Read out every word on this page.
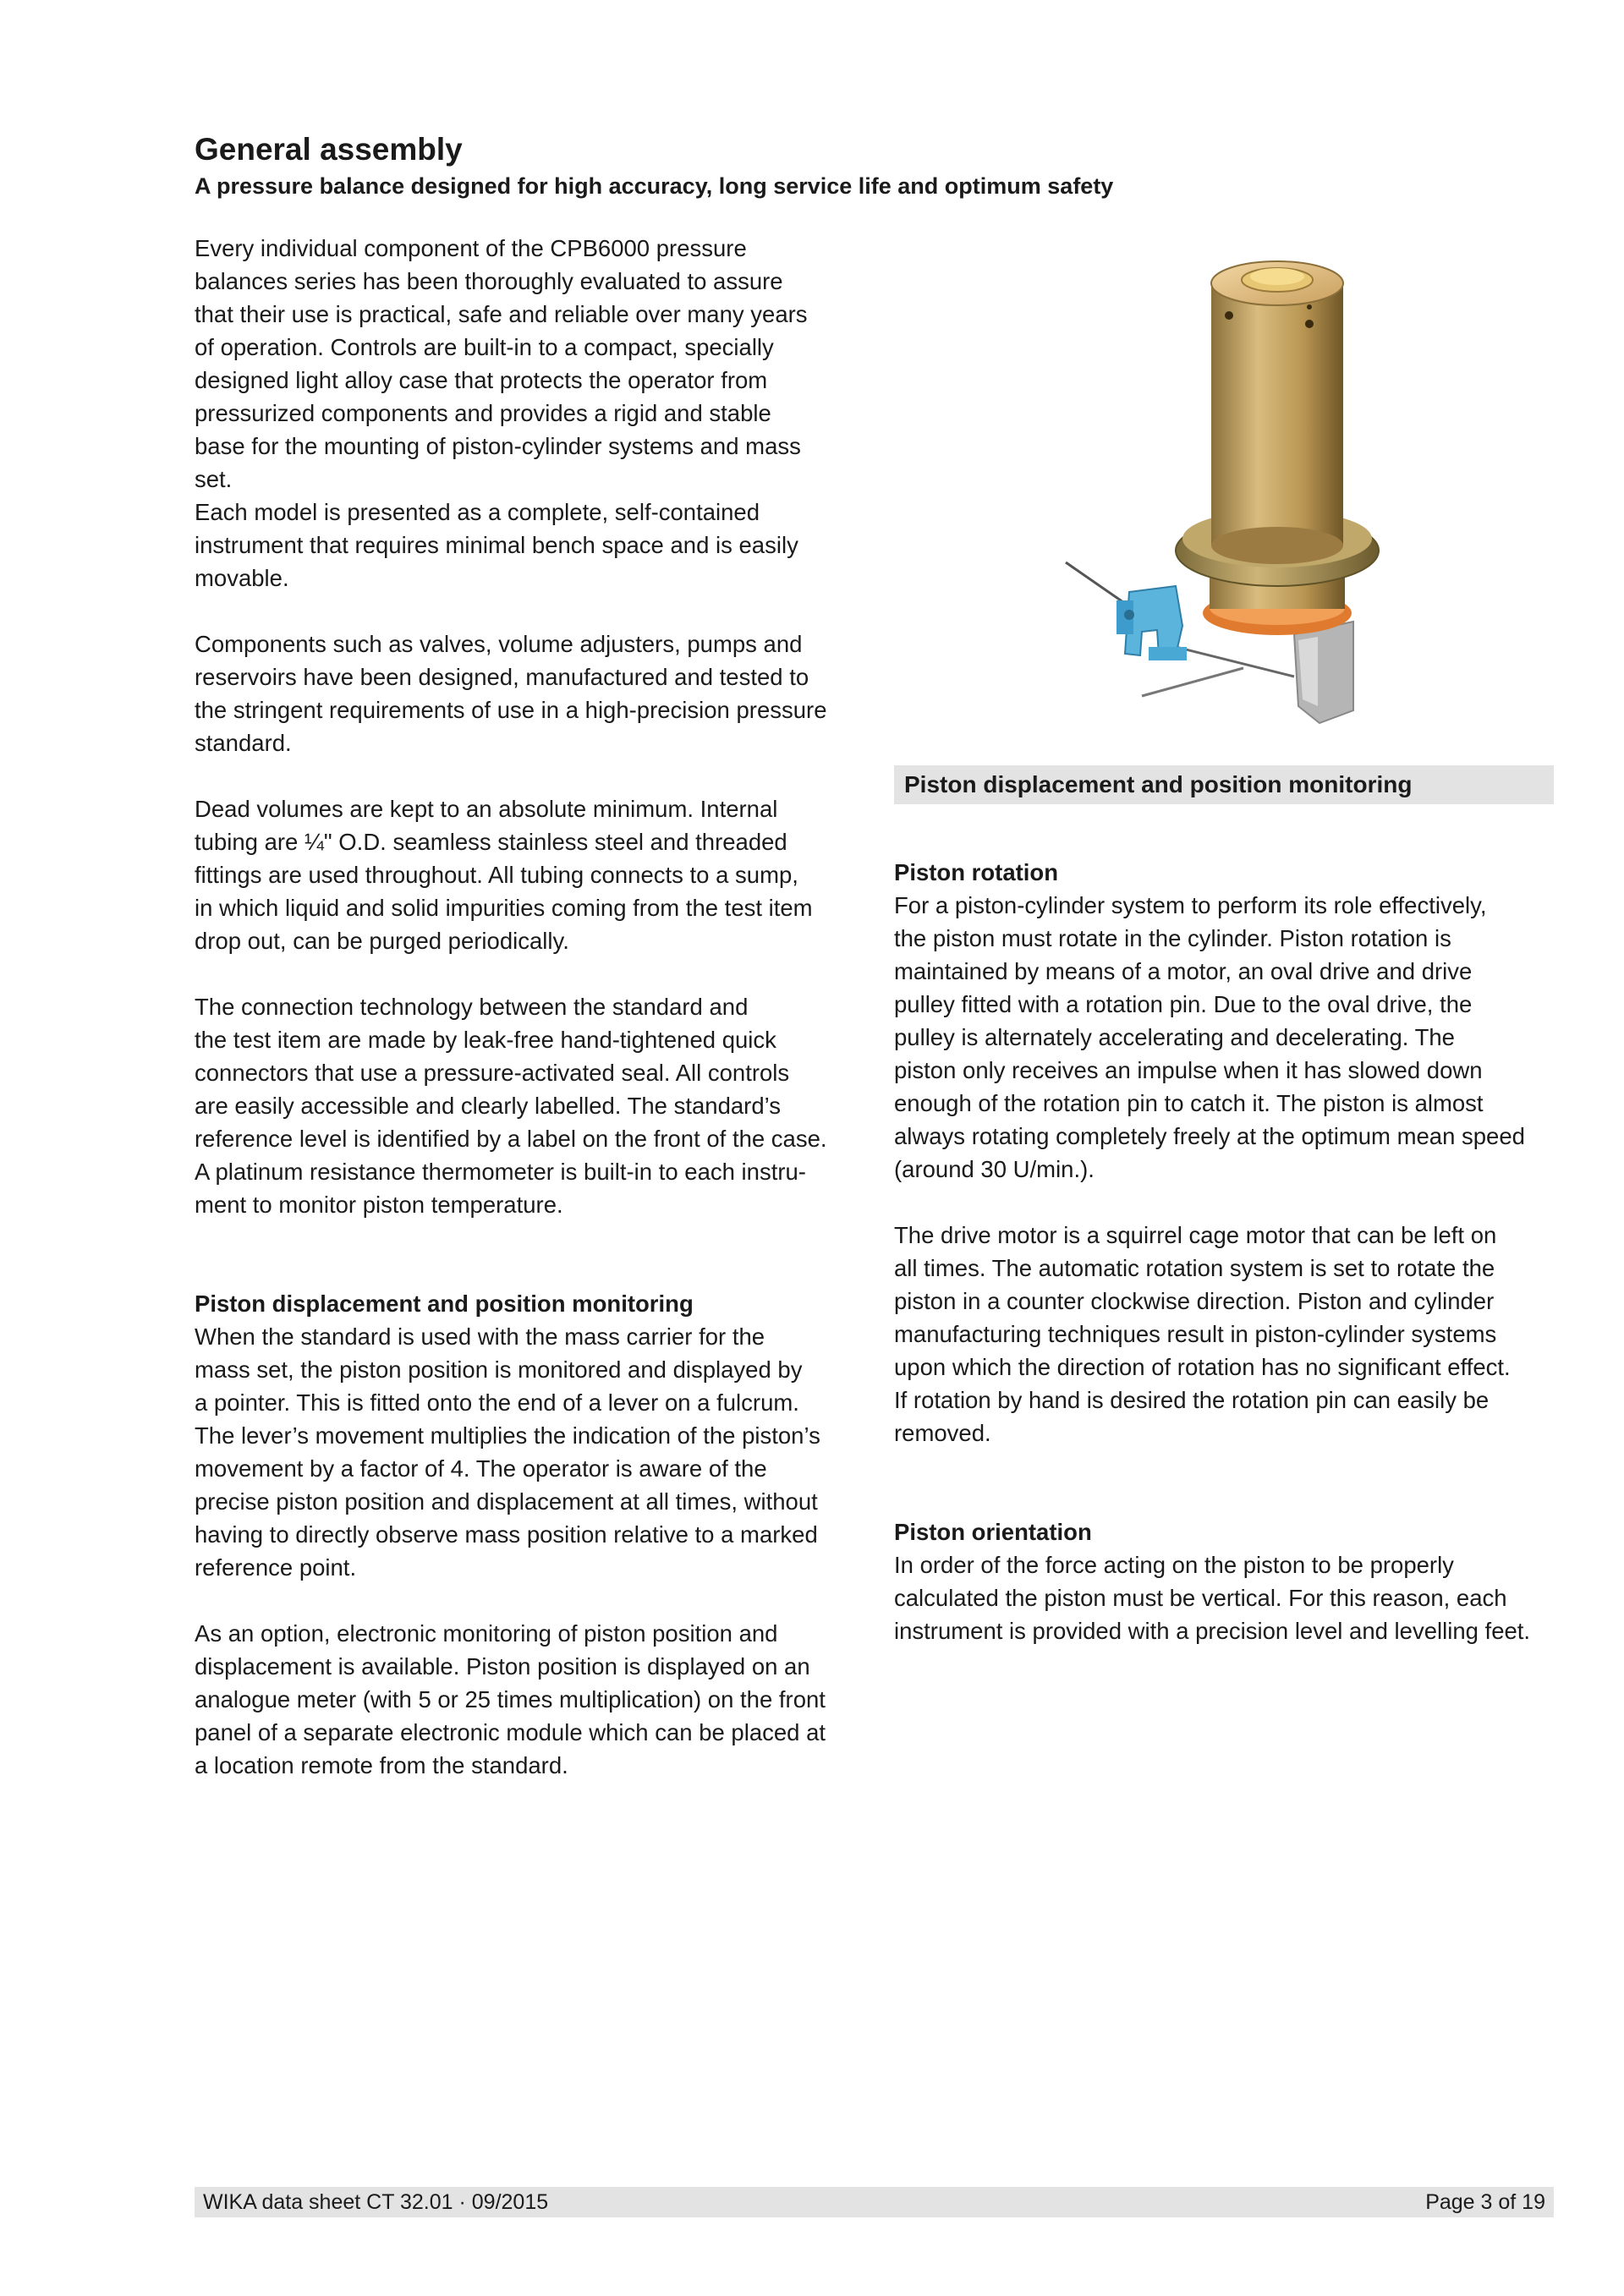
General assembly
A pressure balance designed for high accuracy, long service life and optimum safety

Every individual component of the CPB6000 pressure

balances series has been thoroughly evaluated to assure

that their use is practical, safe and reliable over many years

of operation. Controls are built-in to a compact, specially

designed light alloy case that protects the operator from

pressurized components and provides a rigid and stable

base for the mounting of piston-cylinder systems and mass

set.

Each model is presented as a complete, self-contained

instrument that requires minimal bench space and is easily

movable.

Components such as valves, volume adjusters, pumps and

reservoirs have been designed, manufactured and tested to

the stringent requirements of use in a high-precision pressure

standard.

Dead volumes are kept to an absolute minimum. Internal

tubing are ¼" O.D. seamless stainless steel and threaded

fittings are used throughout. All tubing connects to a sump,

in which liquid and solid impurities coming from the test item

drop out, can be purged periodically.

The connection technology between the standard and

the test item are made by leak-free hand-tightened quick

connectors that use a pressure-activated seal. All controls

are easily accessible and clearly labelled. The standard’s

reference level is identified by a label on the front of the case.

A platinum resistance thermometer is built-in to each instru-

ment to monitor piston temperature.

Piston displacement and position monitoring

When the standard is used with the mass carrier for the

mass set, the piston position is monitored and displayed by

a pointer. This is fitted onto the end of a lever on a fulcrum.

The lever’s movement multiplies the indication of the piston’s

movement by a factor of 4. The operator is aware of the

precise piston position and displacement at all times, without

having to directly observe mass position relative to a marked

reference point.

As an option, electronic monitoring of piston position and

displacement is available. Piston position is displayed on an

analogue meter (with 5 or 25 times multiplication) on the front

panel of a separate electronic module which can be placed at

a location remote from the standard.

Piston displacement and position monitoring

Piston rotation

For a piston-cylinder system to perform its role effectively,

the piston must rotate in the cylinder. Piston rotation is

maintained by means of a motor, an oval drive and drive

pulley fitted with a rotation pin. Due to the oval drive, the

pulley is alternately accelerating and decelerating. The

piston only receives an impulse when it has slowed down

enough of the rotation pin to catch it. The piston is almost

always rotating completely freely at the optimum mean speed

(around 30 U/min.).

The drive motor is a squirrel cage motor that can be left on

all times. The automatic rotation system is set to rotate the

piston in a counter clockwise direction. Piston and cylinder

manufacturing techniques result in piston-cylinder systems

upon which the direction of rotation has no significant effect.

If rotation by hand is desired the rotation pin can easily be

removed.

Piston orientation

In order of the force acting on the piston to be properly

calculated the piston must be vertical. For this reason, each

instrument is provided with a precision level and levelling feet.

WIKA data sheet CT 32.01 · 09/2015	Page 3 of 19
